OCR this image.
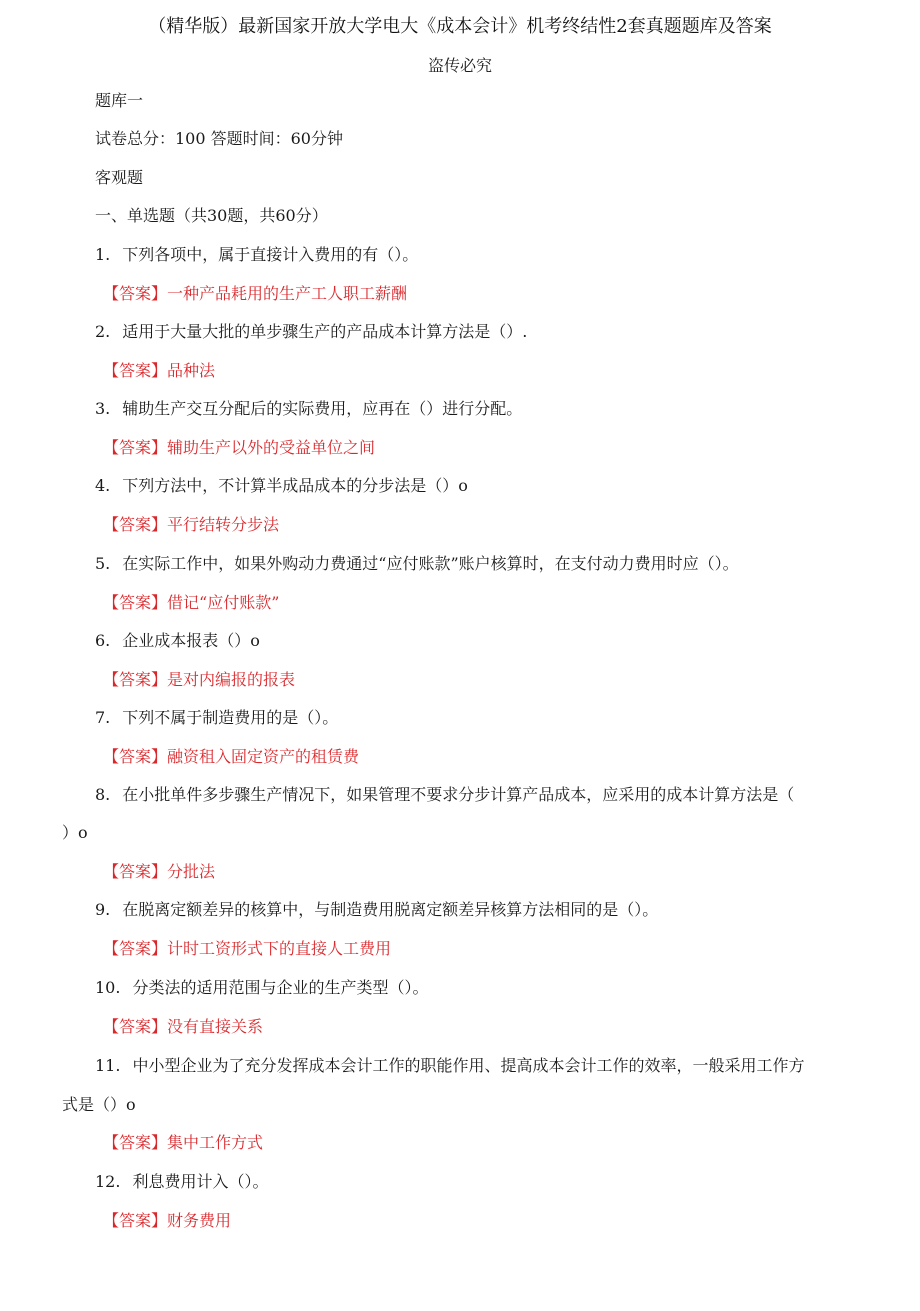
（精华版）最新国家开放大学电大《成本会计》机考终结性2套真题题库及答案
盗传必究
题库一
试卷总分：100 答题时间：60分钟
客观题
一、单选题（共30题，共60分）
1. 下列各项中，属于直接计入费用的有（）。
【答案】一种产品耗用的生产工人职工薪酬
2. 适用于大量大批的单步骤生产的产品成本计算方法是（）.
【答案】品种法
3. 辅助生产交互分配后的实际费用，应再在（）进行分配。
【答案】辅助生产以外的受益单位之间
4. 下列方法中，不计算半成品成本的分步法是（）o
【答案】平行结转分步法
5. 在实际工作中，如果外购动力费通过“应付账款”账户核算时，在支付动力费用时应（）。
【答案】借记“应付账款”
6. 企业成本报表（）o
【答案】是对内编报的报表
7. 下列不属于制造费用的是（）。
【答案】融资租入固定资产的租赁费
8. 在小批单件多步骤生产情况下，如果管理不要求分步计算产品成本，应采用的成本计算方法是（
）o
【答案】分批法
9. 在脱离定额差异的核算中，与制造费用脱离定额差异核算方法相同的是（）。
【答案】计时工资形式下的直接人工费用
10. 分类法的适用范围与企业的生产类型（）。
【答案】没有直接关系
11. 中小型企业为了充分发挥成本会计工作的职能作用、提高成本会计工作的效率，一般采用工作方
式是（）o
【答案】集中工作方式
12. 利息费用计入（）。
【答案】财务费用
